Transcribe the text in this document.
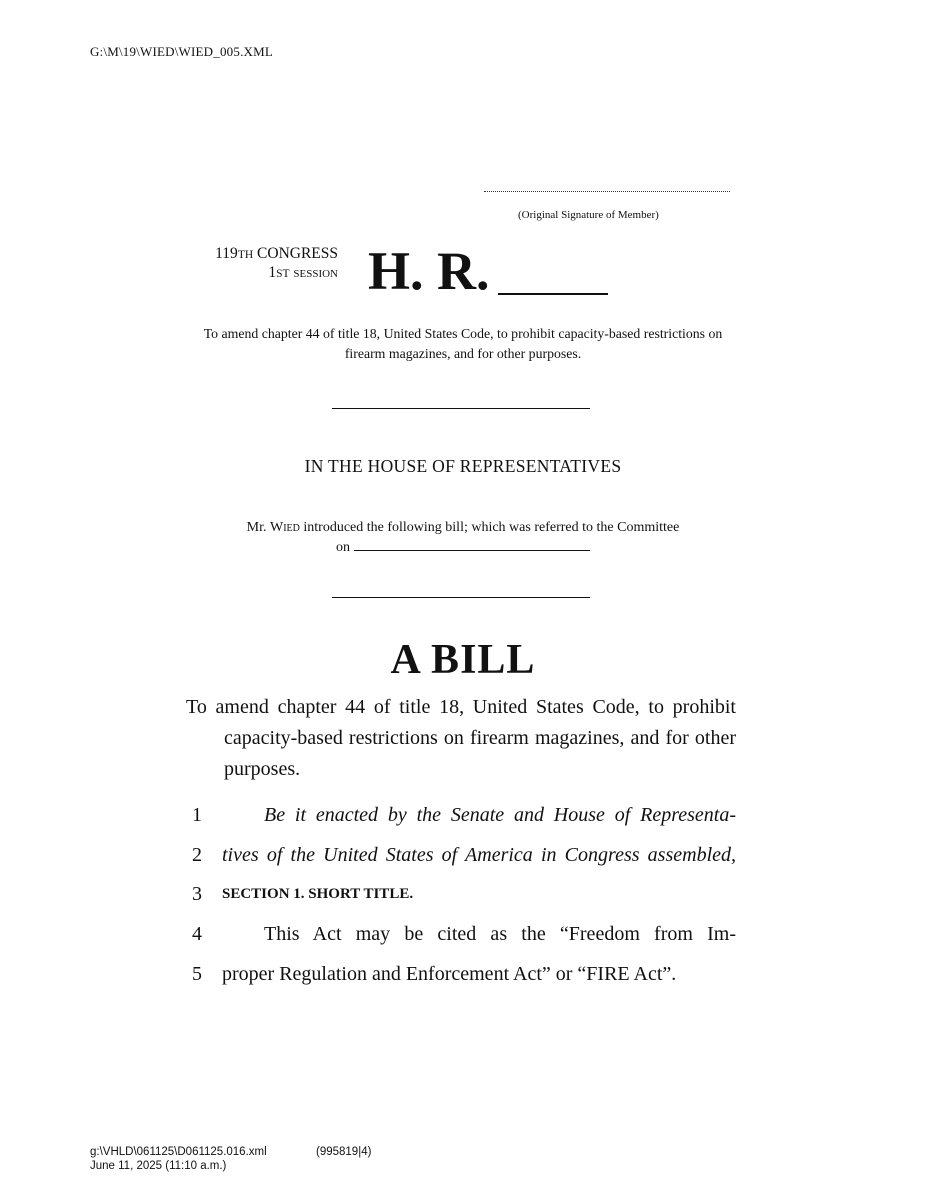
G:\M\19\WIED\WIED_005.XML
(Original Signature of Member)
119TH CONGRESS
1ST session H. R.
To amend chapter 44 of title 18, United States Code, to prohibit capacity-based restrictions on firearm magazines, and for other purposes.
IN THE HOUSE OF REPRESENTATIVES
Mr. Wied introduced the following bill; which was referred to the Committee
on
A BILL
To amend chapter 44 of title 18, United States Code, to prohibit capacity-based restrictions on firearm magazines, and for other purposes.
1	Be it enacted by the Senate and House of Representa-
2	tives of the United States of America in Congress assembled,
3	SECTION 1. SHORT TITLE.
4	This Act may be cited as the “Freedom from Im-
5	proper Regulation and Enforcement Act” or “FIRE Act”.
g:\VHLD\061125\D061125.016.xml	(995819|4)
June 11, 2025 (11:10 a.m.)
